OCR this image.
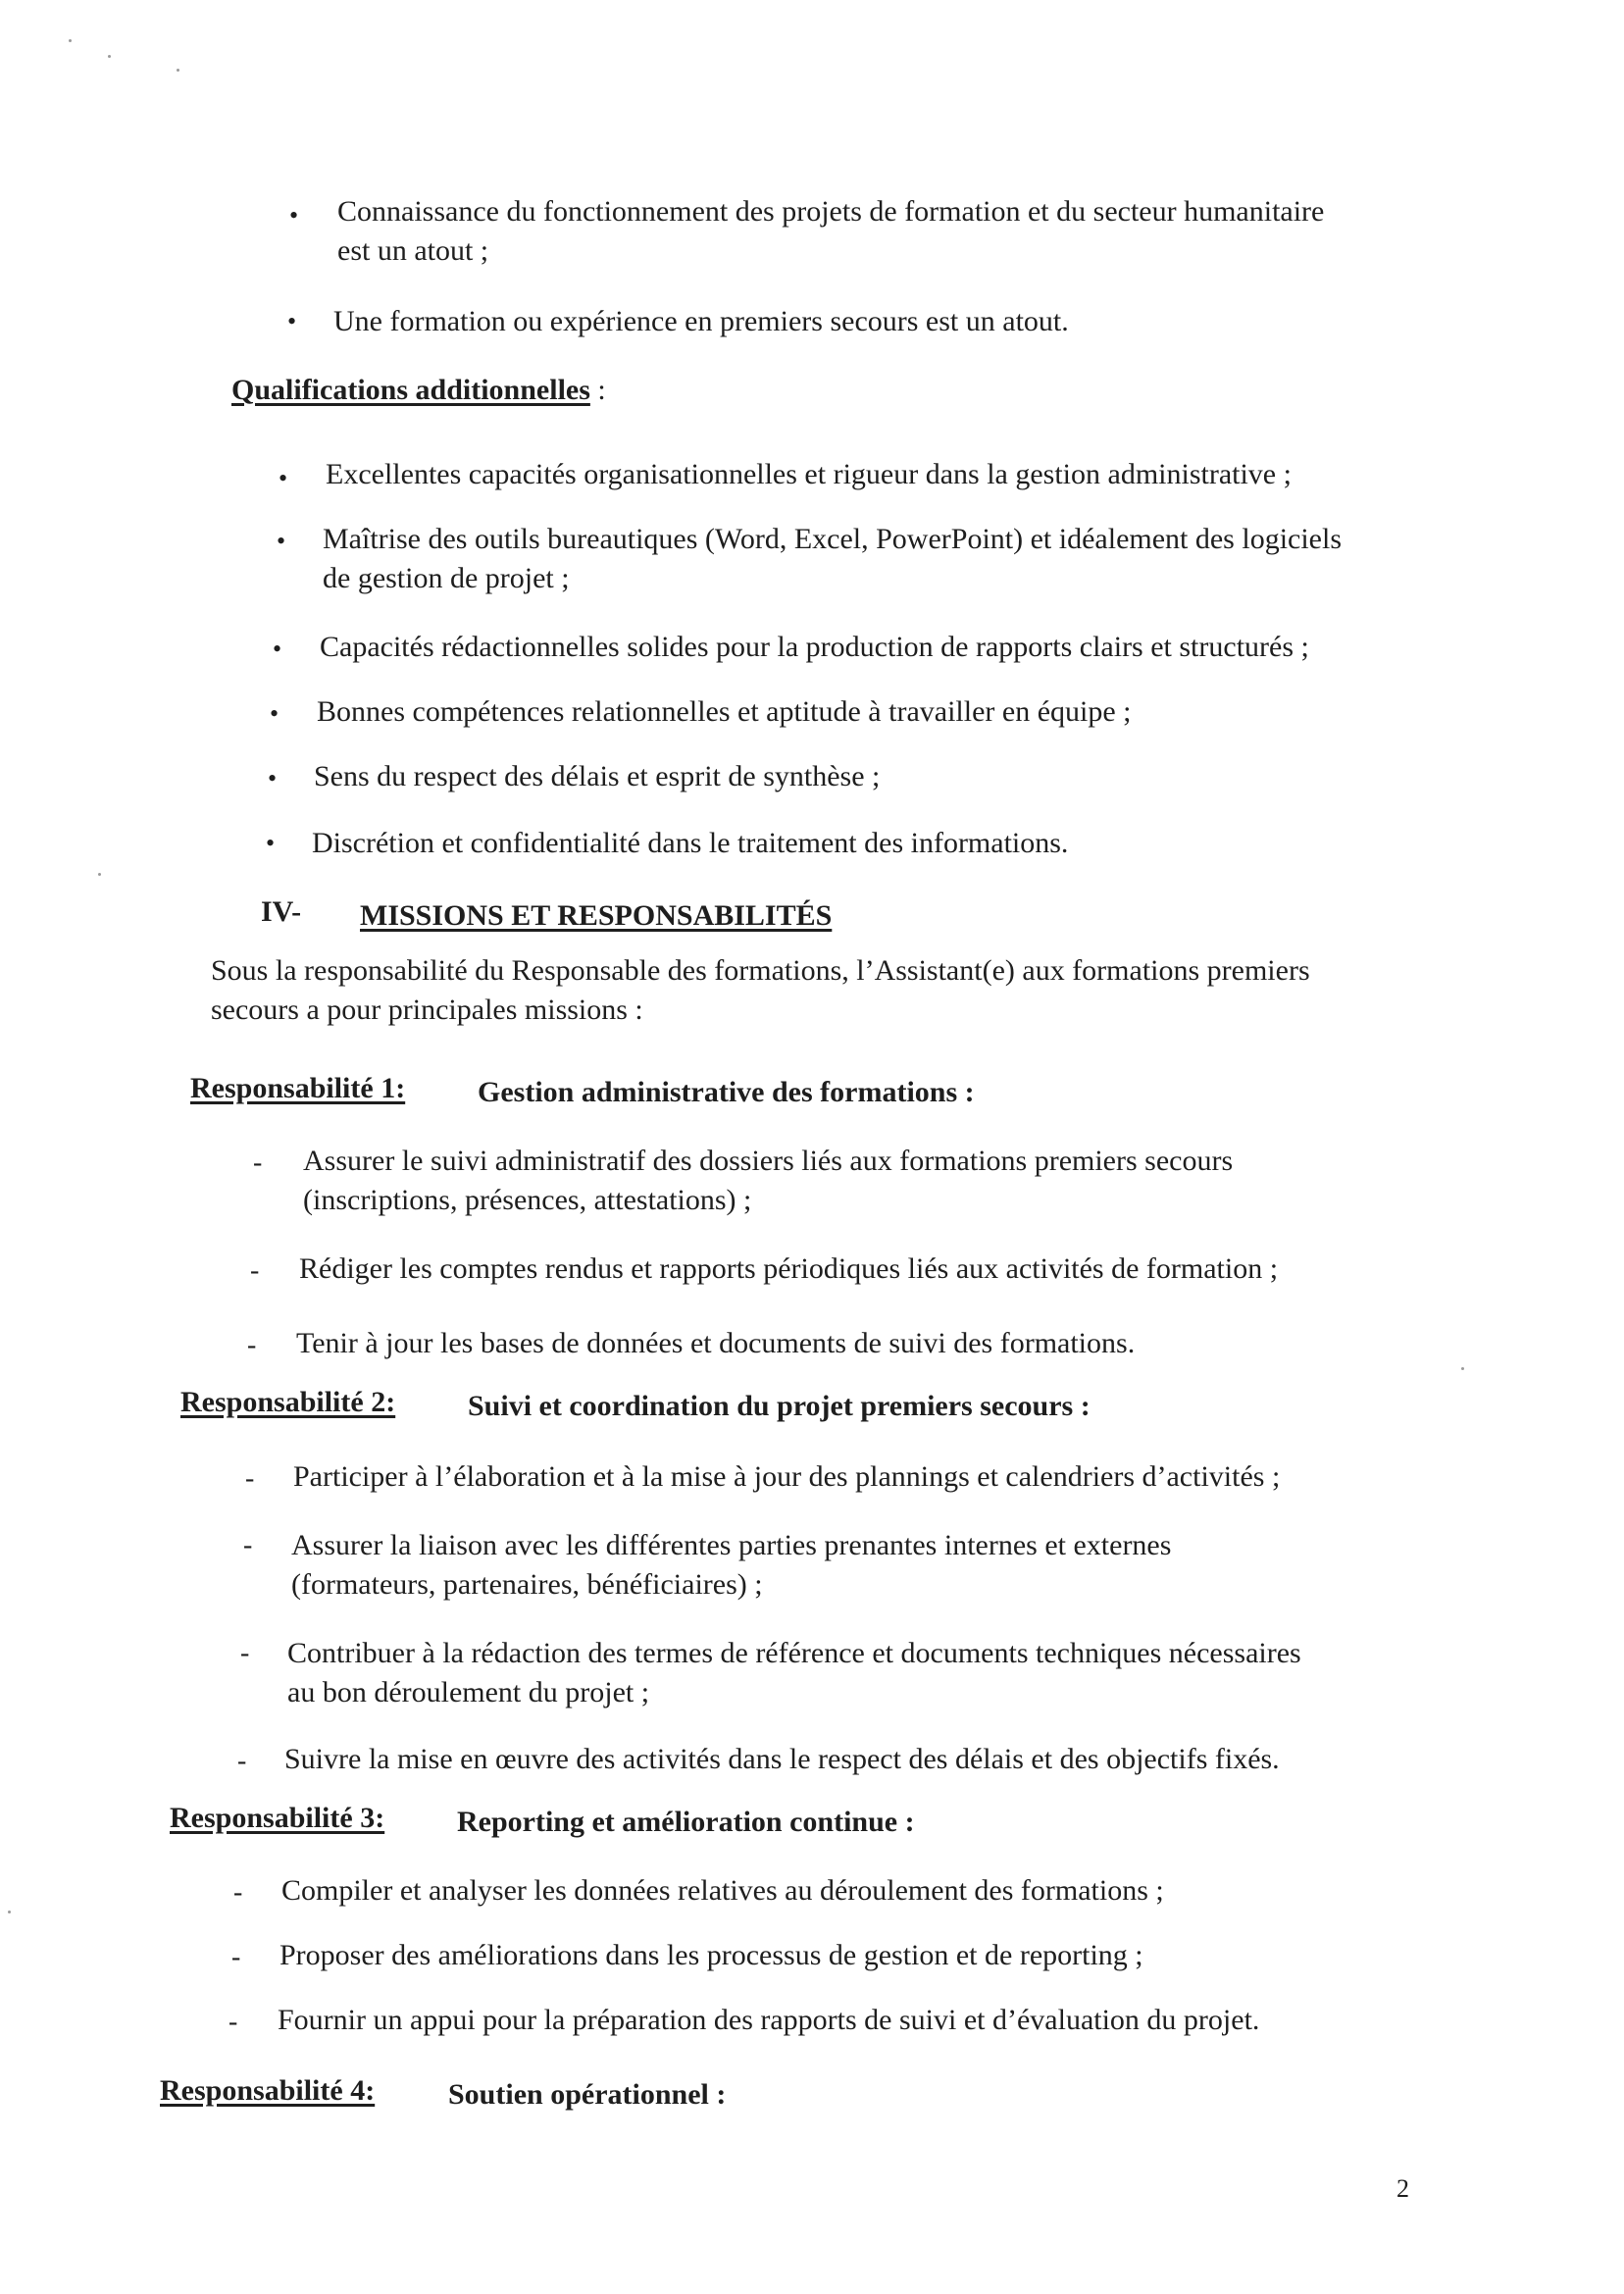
• Connaissance du fonctionnement des projets de formation et du secteur humanitaire
est un atout ;
• Une formation ou expérience en premiers secours est un atout.
Qualifications additionnelles :
• Excellentes capacités organisationnelles et rigueur dans la gestion administrative ;
• Maîtrise des outils bureautiques (Word, Excel, PowerPoint) et idéalement des logiciels
de gestion de projet ;
• Capacités rédactionnelles solides pour la production de rapports clairs et structurés ;
• Bonnes compétences relationnelles et aptitude à travailler en équipe ;
• Sens du respect des délais et esprit de synthèse ;
• Discrétion et confidentialité dans le traitement des informations.
IV- MISSIONS ET RESPONSABILITÉS
Sous la responsabilité du Responsable des formations, l’Assistant(e) aux formations premiers
secours a pour principales missions :
Responsabilité 1: Gestion administrative des formations :
- Assurer le suivi administratif des dossiers liés aux formations premiers secours
(inscriptions, présences, attestations) ;
- Rédiger les comptes rendus et rapports périodiques liés aux activités de formation ;
- Tenir à jour les bases de données et documents de suivi des formations.
Responsabilité 2: Suivi et coordination du projet premiers secours :
- Participer à l’élaboration et à la mise à jour des plannings et calendriers d’activités ;
- Assurer la liaison avec les différentes parties prenantes internes et externes
(formateurs, partenaires, bénéficiaires) ;
- Contribuer à la rédaction des termes de référence et documents techniques nécessaires
au bon déroulement du projet ;
- Suivre la mise en œuvre des activités dans le respect des délais et des objectifs fixés.
Responsabilité 3: Reporting et amélioration continue :
- Compiler et analyser les données relatives au déroulement des formations ;
- Proposer des améliorations dans les processus de gestion et de reporting ;
- Fournir un appui pour la préparation des rapports de suivi et d’évaluation du projet.
Responsabilité 4: Soutien opérationnel :
2
